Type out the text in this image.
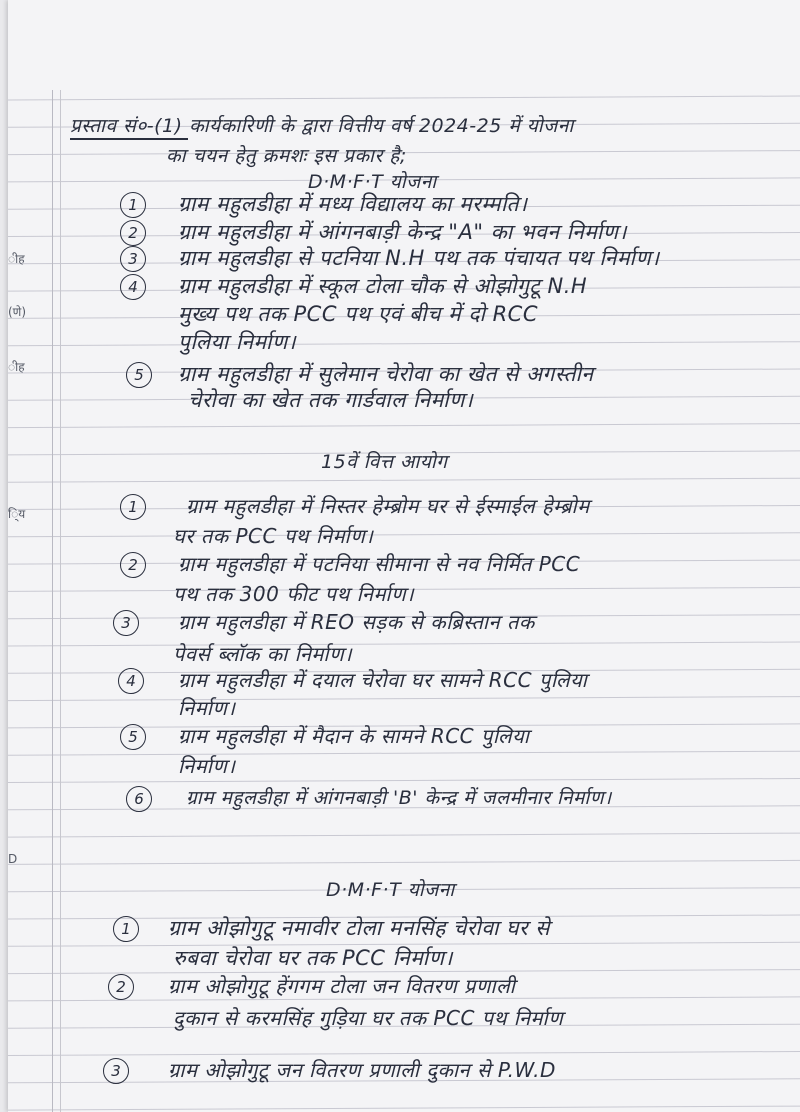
ीह
(णे)
ीह
ि्य
D
प्रस्ताव सं०-(1) कार्यकारिणी के द्वारा वित्तीय वर्ष 2024-25 में योजना
का चयन हेतु क्रमशः इस प्रकार है;
D·M·F·T योजना
1	ग्राम महुलडीहा में मध्य विद्यालय का मरम्मति।
2	ग्राम महुलडीहा में आंगनबाड़ी केन्द्र "A" का भवन निर्माण।
3	ग्राम महुलडीहा से पटनिया N.H पथ तक पंचायत पथ निर्माण।
4	ग्राम महुलडीहा में स्कूल टोला चौक से ओझोगुटू N.H
मुख्य पथ तक PCC पथ एवं बीच में दो RCC
पुलिया निर्माण।
5	ग्राम महुलडीहा में सुलेमान चेरोवा का खेत से अगस्तीन
चेरोवा का खेत तक गार्डवाल निर्माण।
15वें वित्त आयोग
1	ग्राम महुलडीहा में निस्तर हेम्ब्रोम घर से ईस्माईल हेम्ब्रोम
घर तक PCC पथ निर्माण।
2	ग्राम महुलडीहा में पटनिया सीमाना से नव निर्मित PCC
पथ तक 300 फीट पथ निर्माण।
3	ग्राम महुलडीहा में REO सड़क से कब्रिस्तान तक
पेवर्स ब्लॉक का निर्माण।
4	ग्राम महुलडीहा में दयाल चेरोवा घर सामने RCC पुलिया
निर्माण।
5	ग्राम महुलडीहा में मैदान के सामने RCC पुलिया
निर्माण।
6	ग्राम महुलडीहा में आंगनबाड़ी 'B' केन्द्र में जलमीनार निर्माण।
D·M·F·T योजना
1	ग्राम ओझोगुटू नमावीर टोला मनसिंह चेरोवा घर से
रुबवा चेरोवा घर तक PCC निर्माण।
2	ग्राम ओझोगुटू हेंगगम टोला जन वितरण प्रणाली
दुकान से करमसिंह गुड़िया घर तक PCC पथ निर्माण
3	ग्राम ओझोगुटू जन वितरण प्रणाली दुकान से P.W.D
